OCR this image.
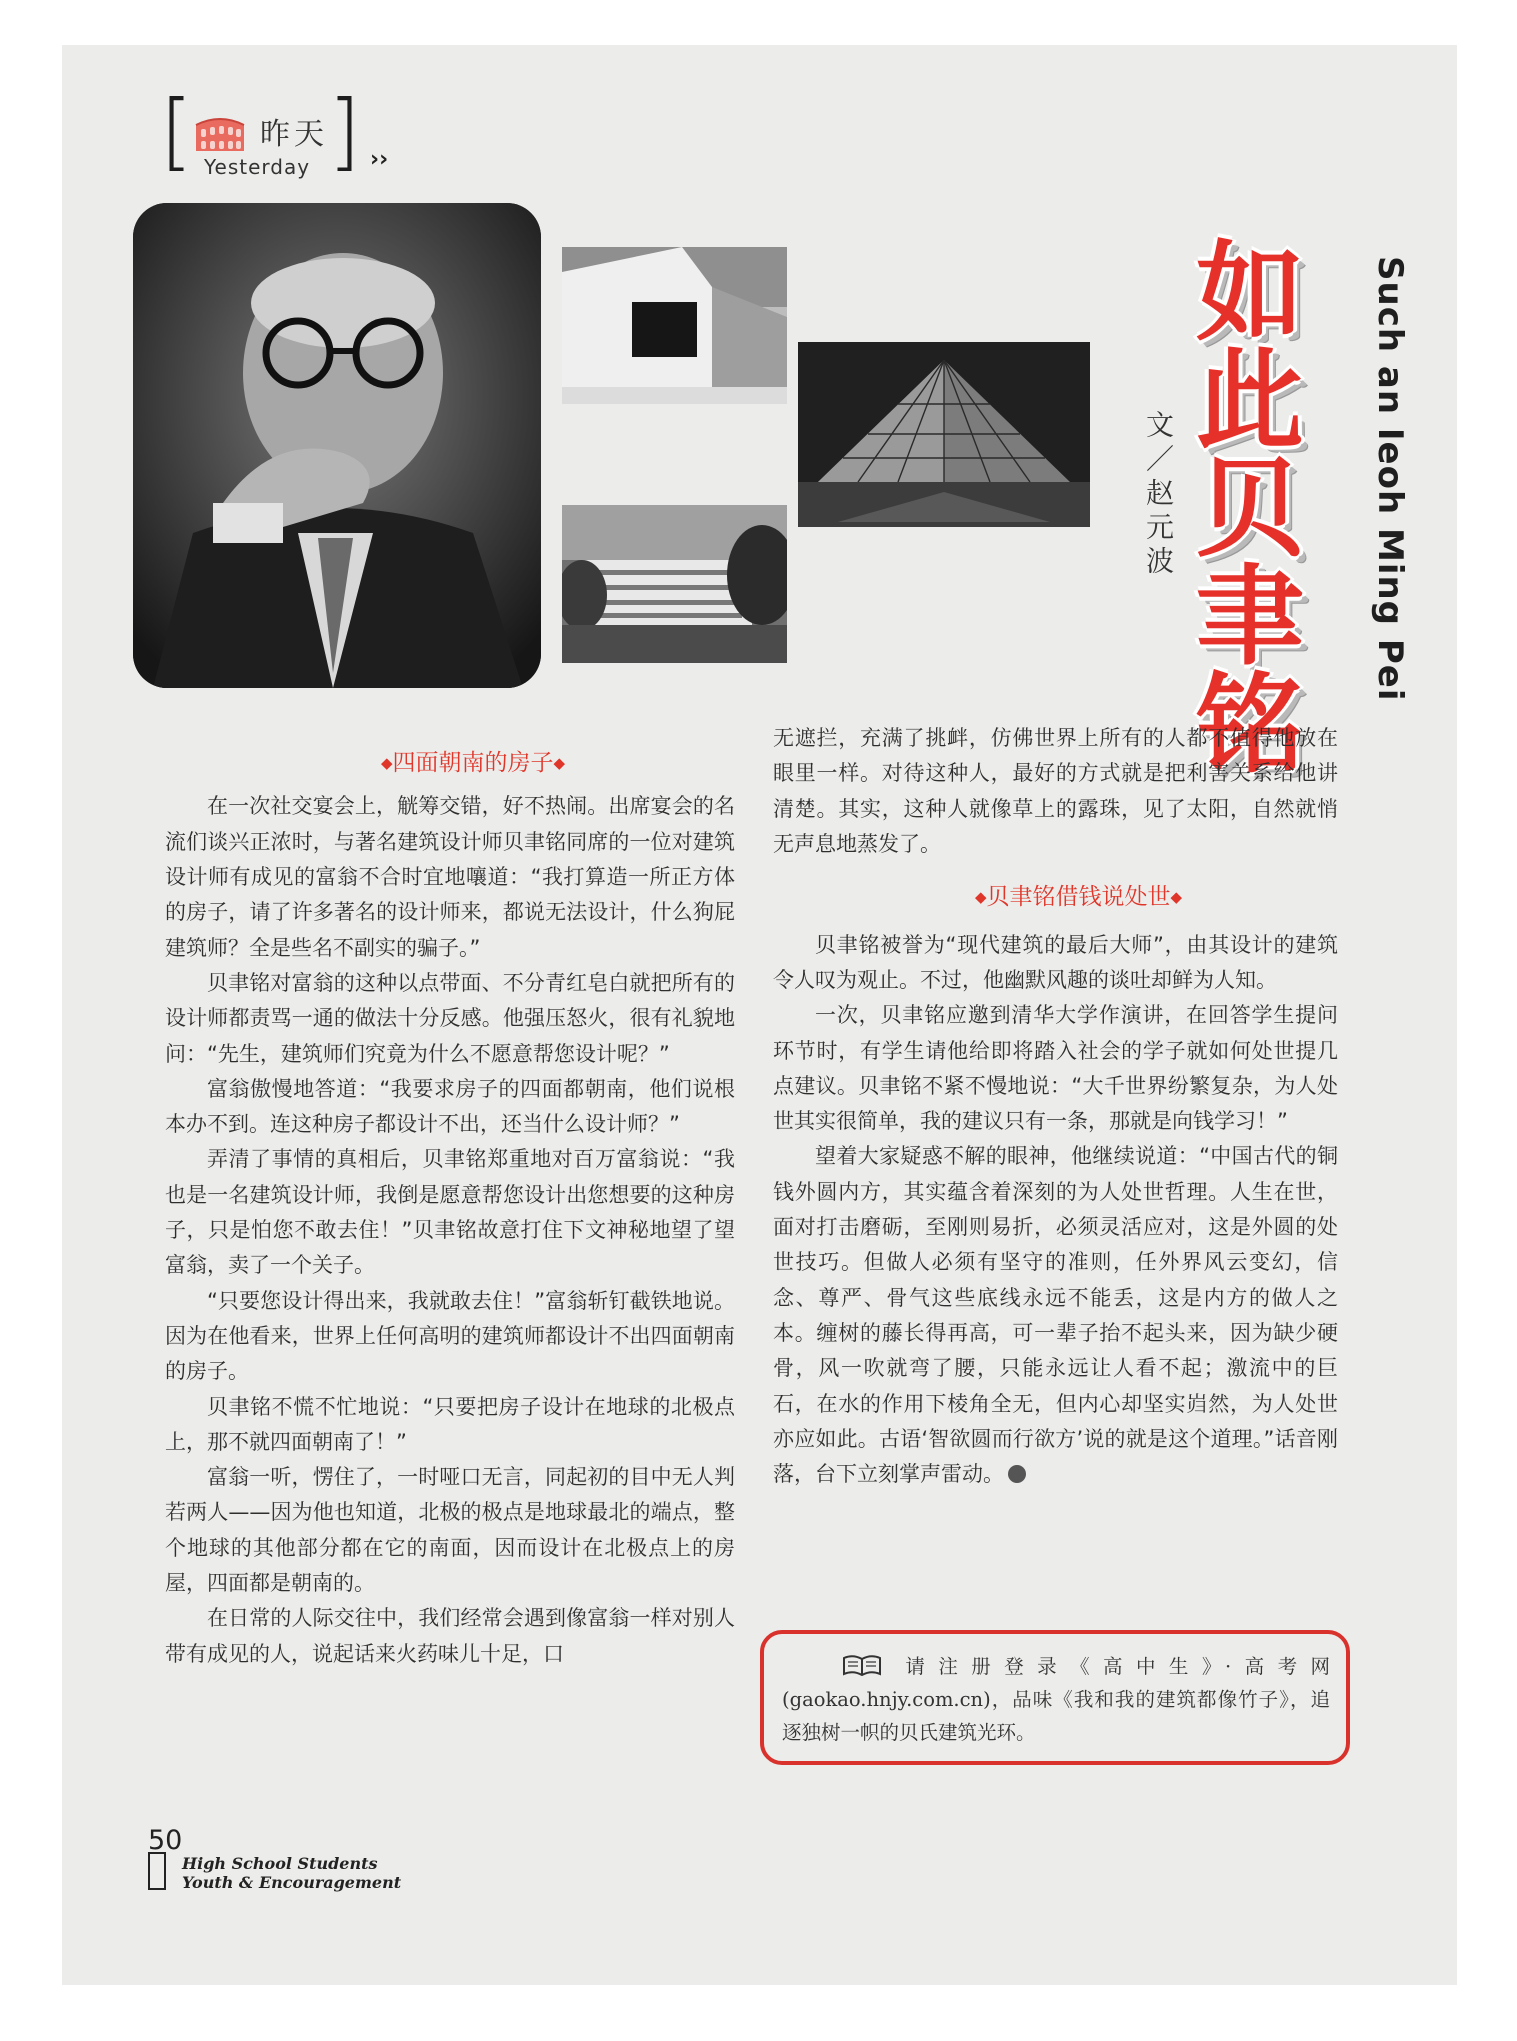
[ 昨天
Yesterday ] ››
如
此
贝
聿
铭
Such an Ieoh Ming Pei
文／赵元波

◆四面朝南的房子◆

在一次社交宴会上，觥筹交错，好不热闹。出席宴会的名流们谈兴正浓时，与著名建筑设计师贝聿铭同席的一位对建筑设计师有成见的富翁不合时宜地嚷道：“我打算造一所正方体的房子，请了许多著名的设计师来，都说无法设计，什么狗屁建筑师？全是些名不副实的骗子。”

贝聿铭对富翁的这种以点带面、不分青红皂白就把所有的设计师都责骂一通的做法十分反感。他强压怒火，很有礼貌地问：“先生，建筑师们究竟为什么不愿意帮您设计呢？”

富翁傲慢地答道：“我要求房子的四面都朝南，他们说根本办不到。连这种房子都设计不出，还当什么设计师？”

弄清了事情的真相后，贝聿铭郑重地对百万富翁说：“我也是一名建筑设计师，我倒是愿意帮您设计出您想要的这种房子，只是怕您不敢去住！”贝聿铭故意打住下文神秘地望了望富翁，卖了一个关子。

“只要您设计得出来，我就敢去住！”富翁斩钉截铁地说。因为在他看来，世界上任何高明的建筑师都设计不出四面朝南的房子。

贝聿铭不慌不忙地说：“只要把房子设计在地球的北极点上，那不就四面朝南了！”

富翁一听，愣住了，一时哑口无言，同起初的目中无人判若两人——因为他也知道，北极的极点是地球最北的端点，整个地球的其他部分都在它的南面，因而设计在北极点上的房屋，四面都是朝南的。

在日常的人际交往中，我们经常会遇到像富翁一样对别人带有成见的人，说起话来火药味儿十足，口

无遮拦，充满了挑衅，仿佛世界上所有的人都不值得他放在眼里一样。对待这种人，最好的方式就是把利害关系给他讲清楚。其实，这种人就像草上的露珠，见了太阳，自然就悄无声息地蒸发了。

◆贝聿铭借钱说处世◆

贝聿铭被誉为“现代建筑的最后大师”，由其设计的建筑令人叹为观止。不过，他幽默风趣的谈吐却鲜为人知。

一次，贝聿铭应邀到清华大学作演讲，在回答学生提问环节时，有学生请他给即将踏入社会的学子就如何处世提几点建议。贝聿铭不紧不慢地说：“大千世界纷繁复杂，为人处世其实很简单，我的建议只有一条，那就是向钱学习！”

望着大家疑惑不解的眼神，他继续说道：“中国古代的铜钱外圆内方，其实蕴含着深刻的为人处世哲理。人生在世，面对打击磨砺，至刚则易折，必须灵活应对，这是外圆的处世技巧。但做人必须有坚守的准则，任外界风云变幻，信念、尊严、骨气这些底线永远不能丢，这是内方的做人之本。缠树的藤长得再高，可一辈子抬不起头来，因为缺少硬骨，风一吹就弯了腰，只能永远让人看不起；激流中的巨石，在水的作用下棱角全无，但内心却坚实岿然，为人处世亦应如此。古语‘智欲圆而行欲方’说的就是这个道理。”话音刚落，台下立刻掌声雷动。

请注册登录《高中生》·高考网(gaokao.hnjy.com.cn)，品味《我和我的建筑都像竹子》，追逐独树一帜的贝氏建筑光环。
50
High School Students
Youth & Encouragement
